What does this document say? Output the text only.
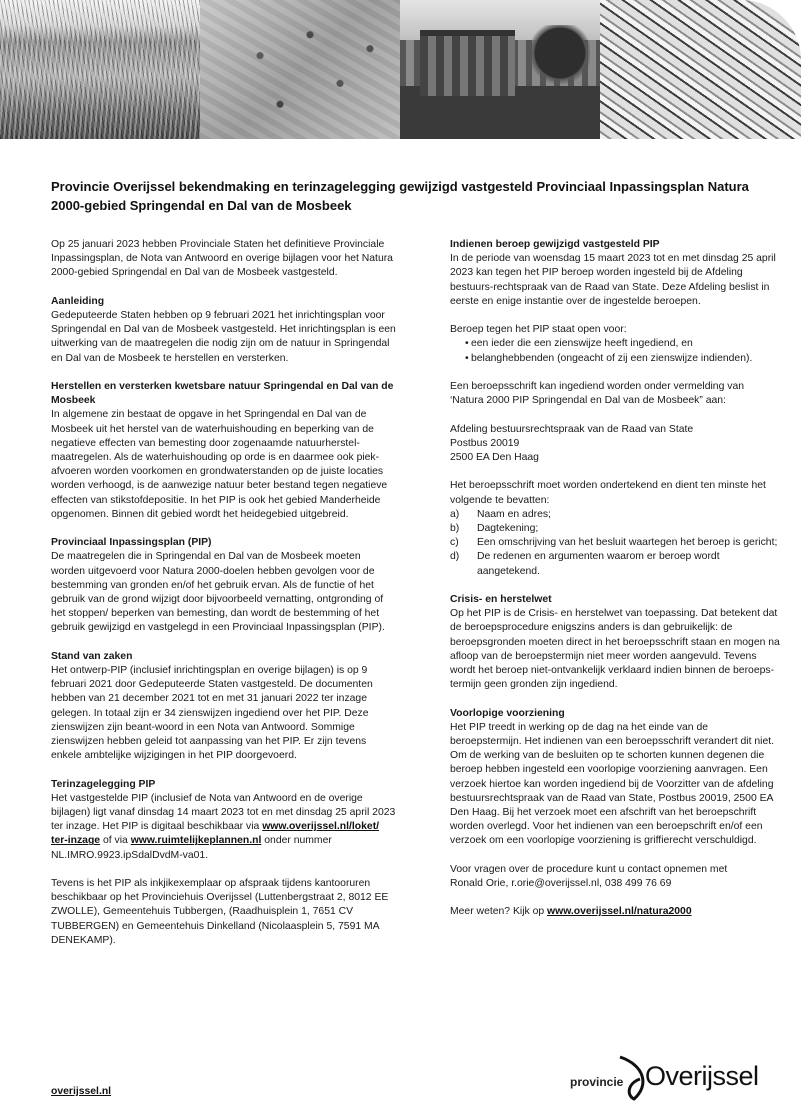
Provincie Overijssel bekendmaking en terinzagelegging gewijzigd vastgesteld Provinciaal Inpassingsplan Natura 2000-gebied Springendal en Dal van de Mosbeek

Op 25 januari 2023 hebben Provinciale Staten het definitieve Provinciale Inpassingsplan, de Nota van Antwoord en overige bijlagen voor het Natura 2000-gebied Springendal en Dal van de Mosbeek vastgesteld.

Aanleiding

Gedeputeerde Staten hebben op 9 februari 2021 het inrichtingsplan voor Springendal en Dal van de Mosbeek vastgesteld. Het inrichtingsplan is een uitwerking van de maatregelen die nodig zijn om de natuur in Springendal en Dal van de Mosbeek te herstellen en versterken.

Herstellen en versterken kwetsbare natuur Springendal en Dal van de Mosbeek

In algemene zin bestaat de opgave in het Springendal en Dal van de Mosbeek uit het herstel van de waterhuishouding en beperking van de negatieve effecten van bemesting door zogenaamde natuurherstel-maatregelen. Als de waterhuishouding op orde is en daarmee ook piek-afvoeren worden voorkomen en grondwaterstanden op de juiste locaties worden verhoogd, is de aanwezige natuur beter bestand tegen negatieve effecten van stikstofdepositie. In het PIP is ook het gebied Manderheide opgenomen. Binnen dit gebied wordt het heidegebied uitgebreid.

Provinciaal Inpassingsplan (PIP)

De maatregelen die in Springendal en Dal van de Mosbeek moeten worden uitgevoerd voor Natura 2000-doelen hebben gevolgen voor de bestemming van gronden en/of het gebruik ervan. Als de functie of het gebruik van de grond wijzigt door bijvoorbeeld vernatting, ontgronding of het stoppen/ beperken van bemesting, dan wordt de bestemming of het gebruik gewijzigd en vastgelegd in een Provinciaal Inpassingsplan (PIP).

Stand van zaken

Het ontwerp-PIP (inclusief inrichtingsplan en overige bijlagen) is op 9 februari 2021 door Gedeputeerde Staten vastgesteld. De documenten hebben van 21 december 2021 tot en met 31 januari 2022 ter inzage gelegen. In totaal zijn er 34 zienswijzen ingediend over het PIP. Deze zienswijzen zijn beant-woord in een Nota van Antwoord. Sommige zienswijzen hebben geleid tot aanpassing van het PIP. Er zijn tevens enkele ambtelijke wijzigingen in het PIP doorgevoerd.

Terinzagelegging PIP

Het vastgestelde PIP (inclusief de Nota van Antwoord en de overige bijlagen) ligt vanaf dinsdag 14 maart 2023 tot en met dinsdag 25 april 2023 ter inzage. Het PIP is digitaal beschikbaar via www.overijssel.nl/loket/ ter-inzage of via www.ruimtelijkeplannen.nl onder nummer NL.IMRO.9923.ipSdalDvdM-va01.

Tevens is het PIP als inkjikexemplaar op afspraak tijdens kantooruren beschikbaar op het Provinciehuis Overijssel (Luttenbergstraat 2, 8012 EE ZWOLLE), Gemeentehuis Tubbergen, (Raadhuisplein 1, 7651 CV TUBBERGEN) en Gemeentehuis Dinkelland (Nicolaasplein 5, 7591 MA DENEKAMP).

Indienen beroep gewijzigd vastgesteld PIP

In de periode van woensdag 15 maart 2023 tot en met dinsdag 25 april 2023 kan tegen het PIP beroep worden ingesteld bij de Afdeling bestuurs-rechtspraak van de Raad van State. Deze Afdeling beslist in eerste en enige instantie over de ingestelde beroepen.

Beroep tegen het PIP staat open voor:
• een ieder die een zienswijze heeft ingediend, en
• belanghebbenden (ongeacht of zij een zienswijze indienden).

Een beroepsschrift kan ingediend worden onder vermelding van ‘Natura 2000 PIP Springendal en Dal van de Mosbeek” aan:

Afdeling bestuursrechtspraak van de Raad van State
Postbus 20019
2500 EA Den Haag

Het beroepsschrift moet worden ondertekend en dient ten minste het volgende te bevatten:
a)	Naam en adres;
b)	Dagtekening;
c)	Een omschrijving van het besluit waartegen het beroep is gericht;
d)	De redenen en argumenten waarom er beroep wordt aangetekend.
Crisis- en herstelwet

Op het PIP is de Crisis- en herstelwet van toepassing. Dat betekent dat de beroepsprocedure enigszins anders is dan gebruikelijk: de beroepsgronden moeten direct in het beroepsschrift staan en mogen na afloop van de beroepstermijn niet meer worden aangevuld. Tevens wordt het beroep niet-ontvankelijk verklaard indien binnen de beroeps-termijn geen gronden zijn ingediend.

Voorlopige voorziening

Het PIP treedt in werking op de dag na het einde van de beroepstermijn. Het indienen van een beroepsschrift verandert dit niet. Om de werking van de besluiten op te schorten kunnen degenen die beroep hebben ingesteld een voorlopige voorziening aanvragen. Een verzoek hiertoe kan worden ingediend bij de Voorzitter van de afdeling bestuursrechtspraak van de Raad van State, Postbus 20019, 2500 EA Den Haag. Bij het verzoek moet een afschrift van het beroepschrift worden overlegd. Voor het indienen van een beroepschrift en/of een verzoek om een voorlopige voorziening is griffierecht verschuldigd.

Voor vragen over de procedure kunt u contact opnemen met
Ronald Orie, r.orie@overijssel.nl, 038 499 76 69

Meer weten? Kijk op www.overijssel.nl/natura2000

overijssel.nl
provincie Overijssel
